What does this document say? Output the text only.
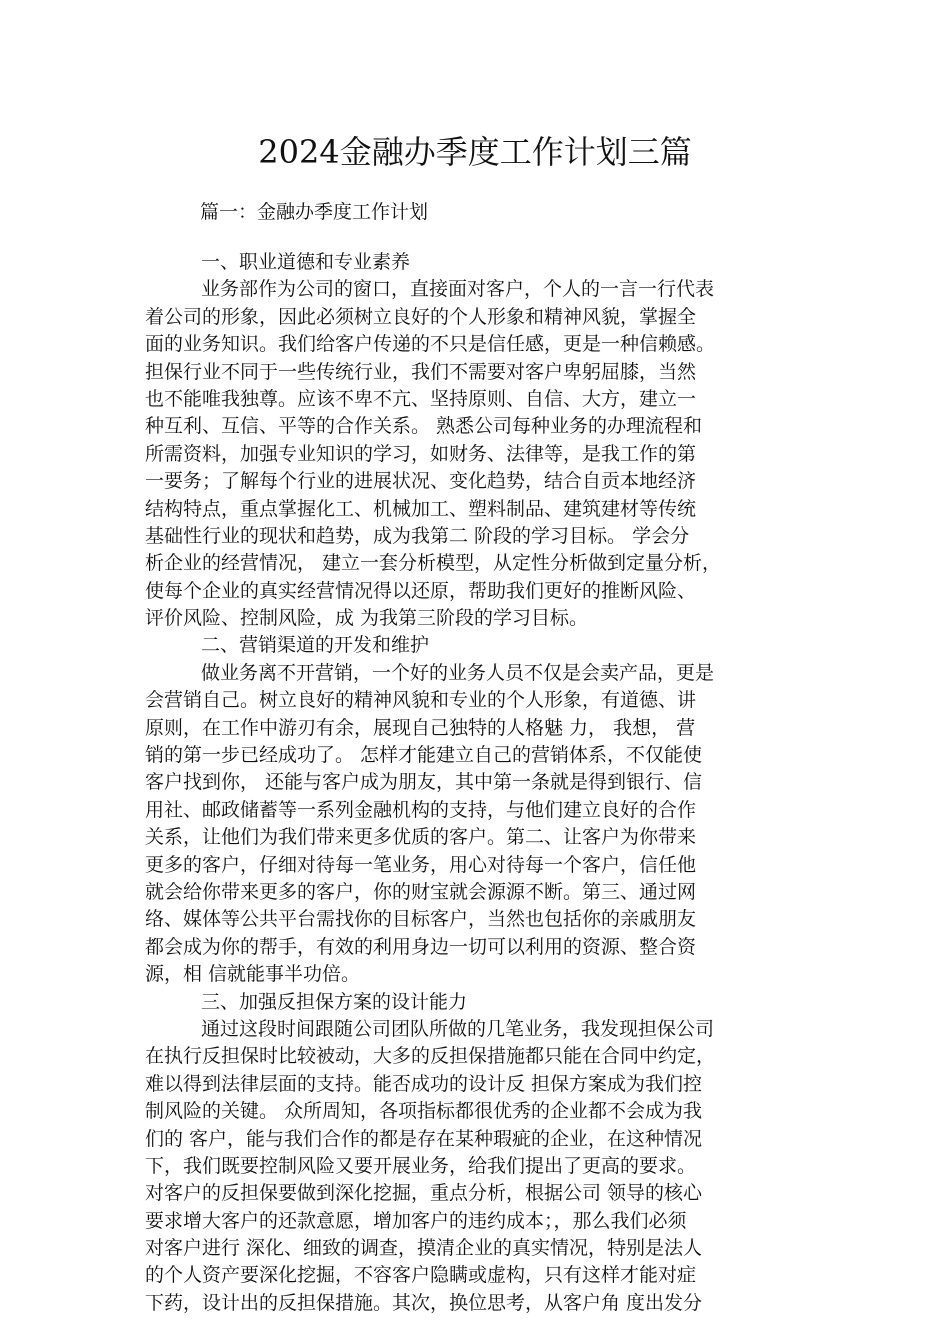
2024金融办季度工作计划三篇
篇一：金融办季度工作计划
一、职业道德和专业素养
业务部作为公司的窗口，直接面对客户，个人的一言一行代表
着公司的形象，因此必须树立良好的个人形象和精神风貌，掌握全
面的业务知识。我们给客户传递的不只是信任感，更是一种信赖感。
担保行业不同于一些传统行业，我们不需要对客户卑躬屈膝，当然
也不能唯我独尊。应该不卑不亢、坚持原则、自信、大方，建立一
种互利、互信、平等的合作关系。 熟悉公司每种业务的办理流程和
所需资料，加强专业知识的学习，如财务、法律等，是我工作的第
一要务；了解每个行业的进展状况、变化趋势，结合自贡本地经济
结构特点，重点掌握化工、机械加工、塑料制品、建筑建材等传统
基础性行业的现状和趋势，成为我第二 阶段的学习目标。 学会分
析企业的经营情况， 建立一套分析模型，从定性分析做到定量分析，
使每个企业的真实经营情况得以还原，帮助我们更好的推断风险、
评价风险、控制风险，成 为我第三阶段的学习目标。
二、营销渠道的开发和维护
做业务离不开营销，一个好的业务人员不仅是会卖产品，更是
会营销自己。树立良好的精神风貌和专业的个人形象，有道德、讲
原则，在工作中游刃有余，展现自己独特的人格魅 力， 我想， 营
销的第一步已经成功了。 怎样才能建立自己的营销体系，不仅能使
客户找到你， 还能与客户成为朋友，其中第一条就是得到银行、信
用社、邮政储蓄等一系列金融机构的支持，与他们建立良好的合作
关系，让他们为我们带来更多优质的客户。第二、让客户为你带来
更多的客户，仔细对待每一笔业务，用心对待每一个客户，信任他
就会给你带来更多的客户，你的财宝就会源源不断。第三、通过网
络、媒体等公共平台需找你的目标客户，当然也包括你的亲戚朋友
都会成为你的帮手，有效的利用身边一切可以利用的资源、整合资
源，相 信就能事半功倍。
三、加强反担保方案的设计能力
通过这段时间跟随公司团队所做的几笔业务，我发现担保公司
在执行反担保时比较被动，大多的反担保措施都只能在合同中约定，
难以得到法律层面的支持。能否成功的设计反 担保方案成为我们控
制风险的关键。 众所周知，各项指标都很优秀的企业都不会成为我
们的 客户，能与我们合作的都是存在某种瑕疵的企业，在这种情况
下，我们既要控制风险又要开展业务，给我们提出了更高的要求。
对客户的反担保要做到深化挖掘，重点分析，根据公司 领导的核心
要求增大客户的还款意愿，增加客户的违约成本；，那么我们必须
对客户进行 深化、细致的调查，摸清企业的真实情况，特别是法人
的个人资产要深化挖掘，不容客户隐瞒或虚构，只有这样才能对症
下药，设计出的反担保措施。其次，换位思考，从客户角 度出发分
